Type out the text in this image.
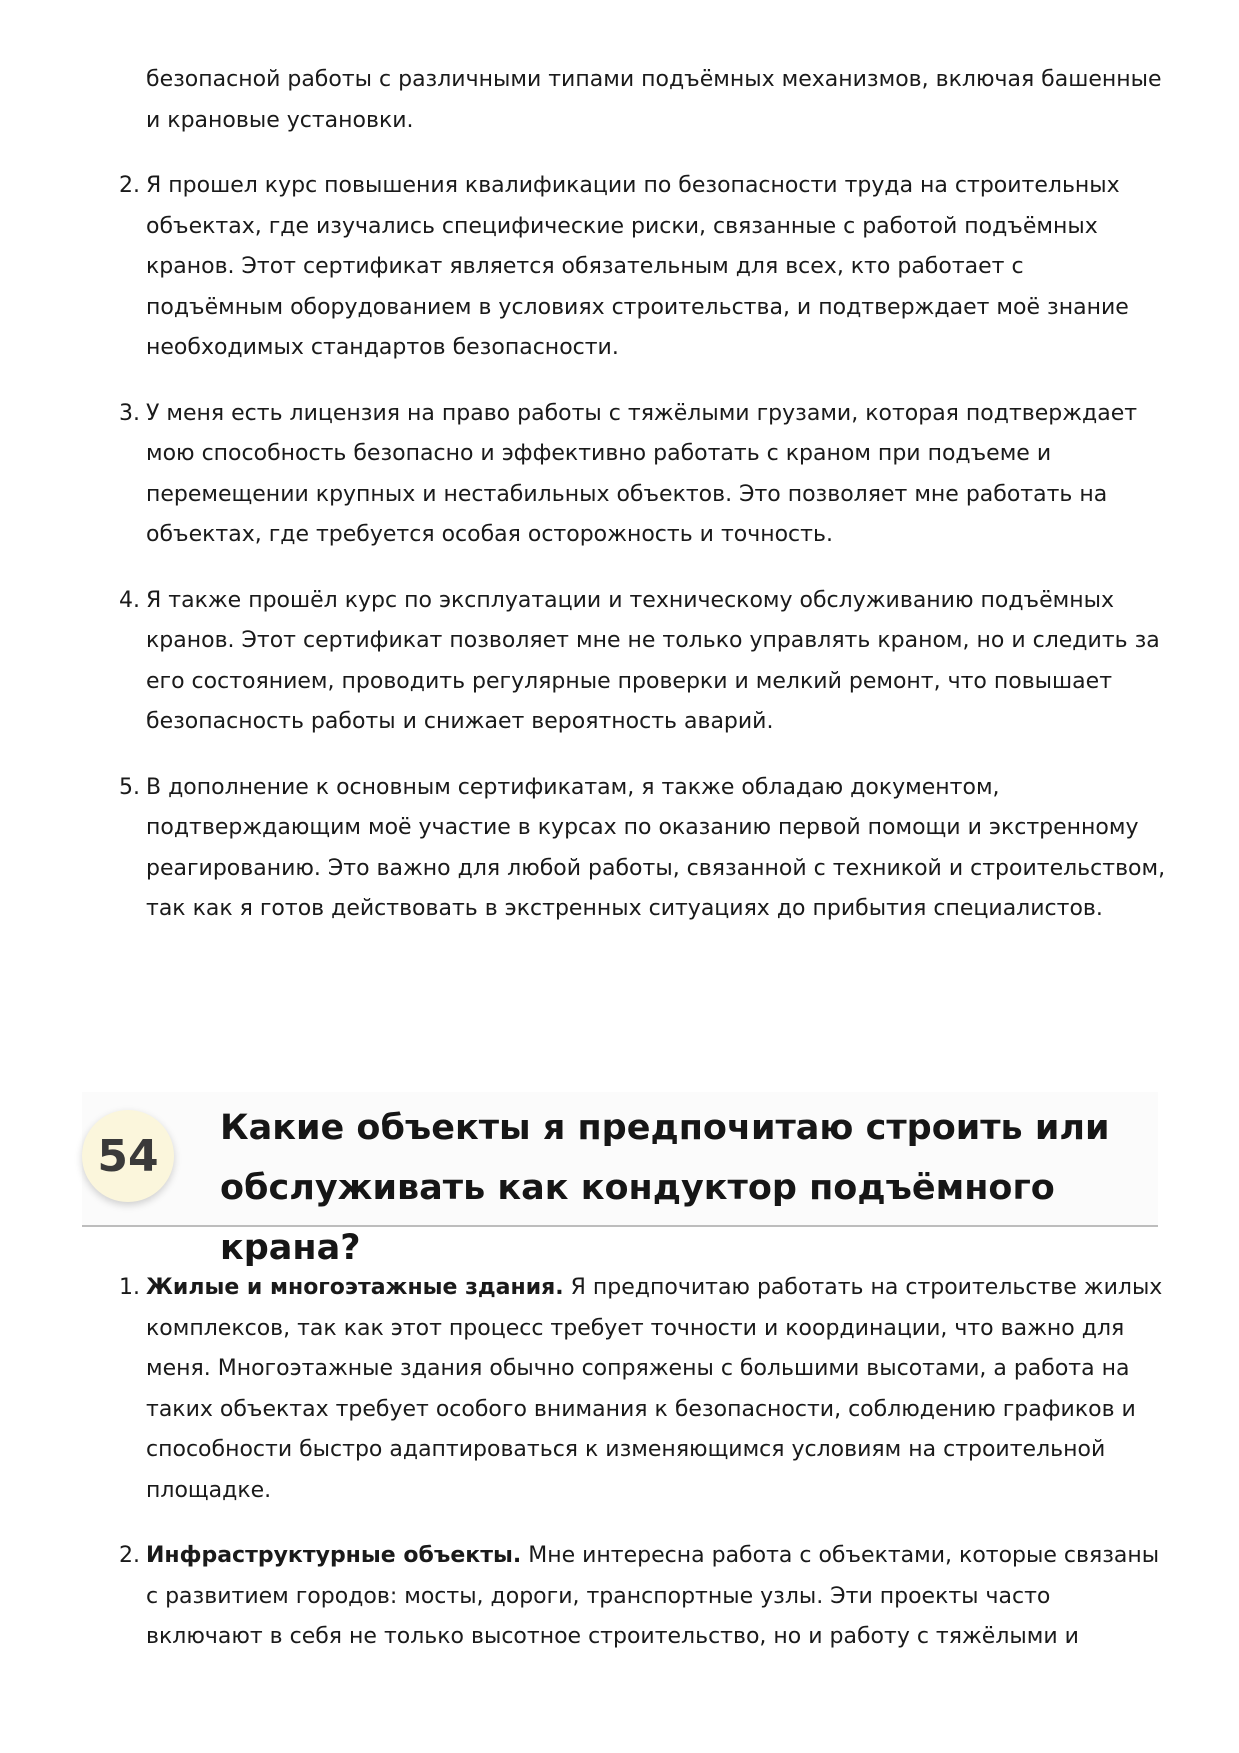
безопасной работы с различными типами подъёмных механизмов, включая башенные и крановые установки.
2. Я прошел курс повышения квалификации по безопасности труда на строительных объектах, где изучались специфические риски, связанные с работой подъёмных кранов. Этот сертификат является обязательным для всех, кто работает с подъёмным оборудованием в условиях строительства, и подтверждает моё знание необходимых стандартов безопасности.
3. У меня есть лицензия на право работы с тяжёлыми грузами, которая подтверждает мою способность безопасно и эффективно работать с краном при подъеме и перемещении крупных и нестабильных объектов. Это позволяет мне работать на объектах, где требуется особая осторожность и точность.
4. Я также прошёл курс по эксплуатации и техническому обслуживанию подъёмных кранов. Этот сертификат позволяет мне не только управлять краном, но и следить за его состоянием, проводить регулярные проверки и мелкий ремонт, что повышает безопасность работы и снижает вероятность аварий.
5. В дополнение к основным сертификатам, я также обладаю документом, подтверждающим моё участие в курсах по оказанию первой помощи и экстренному реагированию. Это важно для любой работы, связанной с техникой и строительством, так как я готов действовать в экстренных ситуациях до прибытия специалистов.
54
Какие объекты я предпочитаю строить или обслуживать как кондуктор подъёмного крана?
1. Жилые и многоэтажные здания. Я предпочитаю работать на строительстве жилых комплексов, так как этот процесс требует точности и координации, что важно для меня. Многоэтажные здания обычно сопряжены с большими высотами, а работа на таких объектах требует особого внимания к безопасности, соблюдению графиков и способности быстро адаптироваться к изменяющимся условиям на строительной площадке.
2. Инфраструктурные объекты. Мне интересна работа с объектами, которые связаны с развитием городов: мосты, дороги, транспортные узлы. Эти проекты часто включают в себя не только высотное строительство, но и работу с тяжёлыми и
